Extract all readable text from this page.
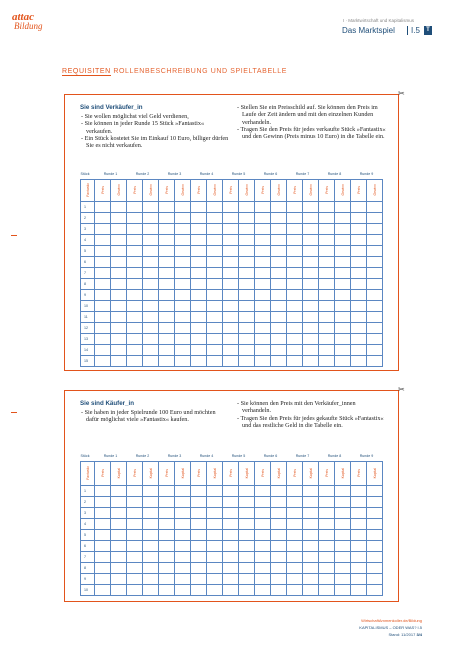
attac
Bildung
I · Marktwirtschaft und Kapitalismus
Das Marktspiel	I.5	T
REQUISITEN ROLLENBESCHREIBUNG UND SPIELTABELLE
✂
Sie sind Verkäufer_in
- Sie wollen möglichst viel Geld verdienen,
- Sie können in jeder Runde 15 Stück »Fantastix« verkaufen.
- Ein Stück kostetet Sie im Einkauf 10 Euro, billiger dürfen Sie es nicht verkaufen.
- Stellen Sie ein Preisschild auf. Sie können den Preis im Laufe der Zeit ändern und mit den einzelnen Kunden verhandeln.
- Tragen Sie den Preis für jedes verkaufte Stück »Fantastix« und den Gewinn (Preis minus 10 Euro) in die Tabelle ein.
Stück	Runde 1		Runde 2		Runde 3		Runde 4		Runde 5		Runde 6		Runde 7		Runde 8		Runde 9	

Fantastix	Preis	Gewinn	Preis	Gewinn	Preis	Gewinn	Preis	Gewinn	Preis	Gewinn	Preis	Gewinn	Preis	Gewinn	Preis	Gewinn	Preis	Gewinn

1																		
2																		
3																		
4																		
5																		
6																		
7																		
8																		
9																		
10																		
11																		
12																		
13																		
14																		
15																		
✂
Sie sind Käufer_in
- Sie haben in jeder Spielrunde 100 Euro und möchten dafür möglichst viele »Fantastix« kaufen.
- Sie können den Preis mit den Verkäufer_innen verhandeln.
- Tragen Sie den Preis für jedes gekaufte Stück »Fantastix« und das restliche Geld in die Tabelle ein.
Stück	Runde 1		Runde 2		Runde 3		Runde 4		Runde 5		Runde 6		Runde 7		Runde 8		Runde 9	

Fantastix	Preis	Kapital	Preis	Kapital	Preis	Kapital	Preis	Kapital	Preis	Kapital	Preis	Kapital	Preis	Kapital	Preis	Kapital	Preis	Kapital

1																		
2																		
3																		
4																		
5																		
6																		
7																		
8																		
9																		
10																		
WirtschaftAmmenkoller.de/Bildung
KAPITALISMUS – ODER WAS? I.5
Stand: 11/2017 3/4
